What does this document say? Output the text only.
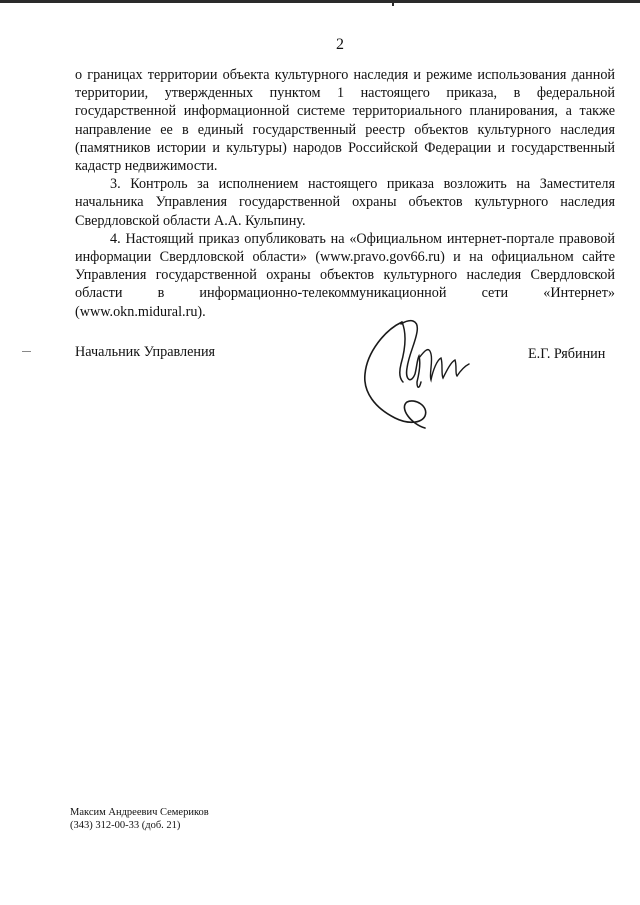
2

о границах территории объекта культурного наследия и режиме использования данной территории, утвержденных пунктом 1 настоящего приказа, в федеральной государственной информационной системе территориального планирования, а также направление ее в единый государственный реестр объектов культурного наследия (памятников истории и культуры) народов Российской Федерации и государственный кадастр недвижимости.

3. Контроль за исполнением настоящего приказа возложить на Заместителя начальника Управления государственной охраны объектов культурного наследия Свердловской области А.А. Кульпину.

4. Настоящий приказ опубликовать на «Официальном интернет-портале правовой информации Свердловской области» (www.pravo.gov66.ru) и на официальном сайте Управления государственной охраны объектов культурного наследия Свердловской области в информационно-телекоммуникационной сети «Интернет» (www.okn.midural.ru).

Начальник Управления	Е.Г. Рябинин
Максим Андреевич Семериков
(343) 312-00-33 (доб. 21)
